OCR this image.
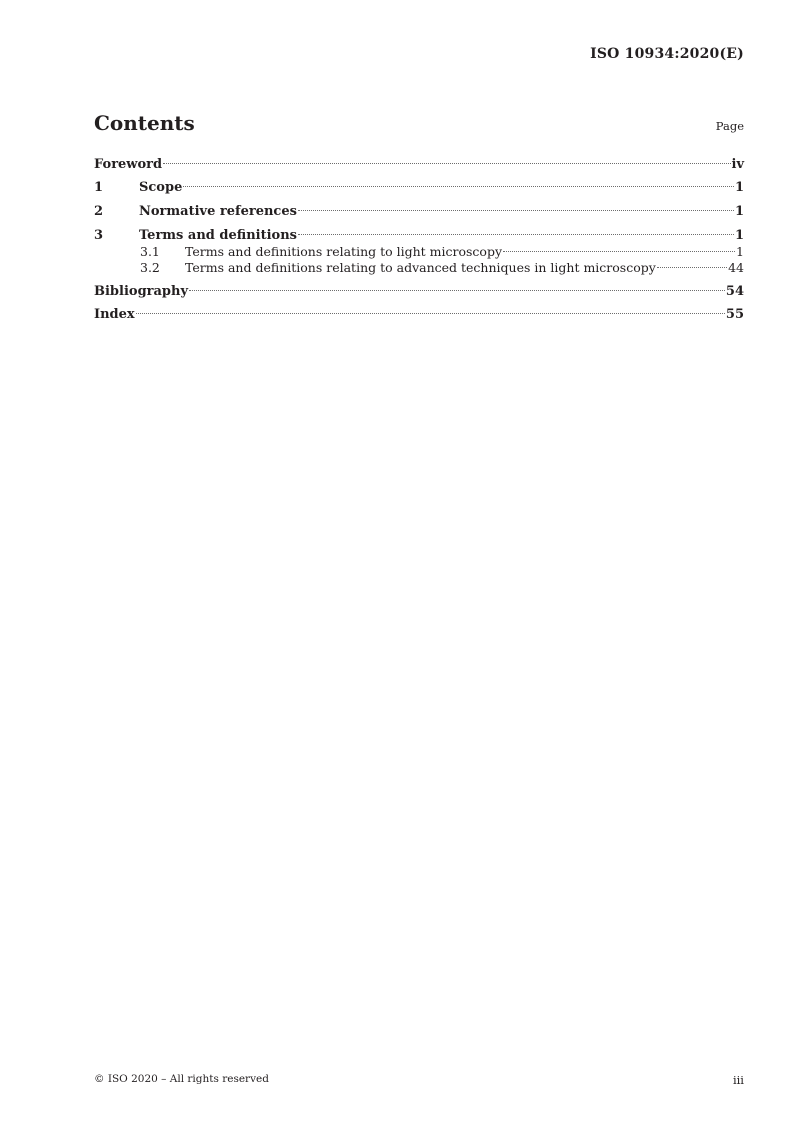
ISO 10934:2020(E)
Contents	Page
Foreword	iv
1	Scope	1
2	Normative references	1
3	Terms and definitions	1
3.1	Terms and definitions relating to light microscopy	1
3.2	Terms and definitions relating to advanced techniques in light microscopy	44
Bibliography	54
Index	55
© ISO 2020 – All rights reserved	iii
